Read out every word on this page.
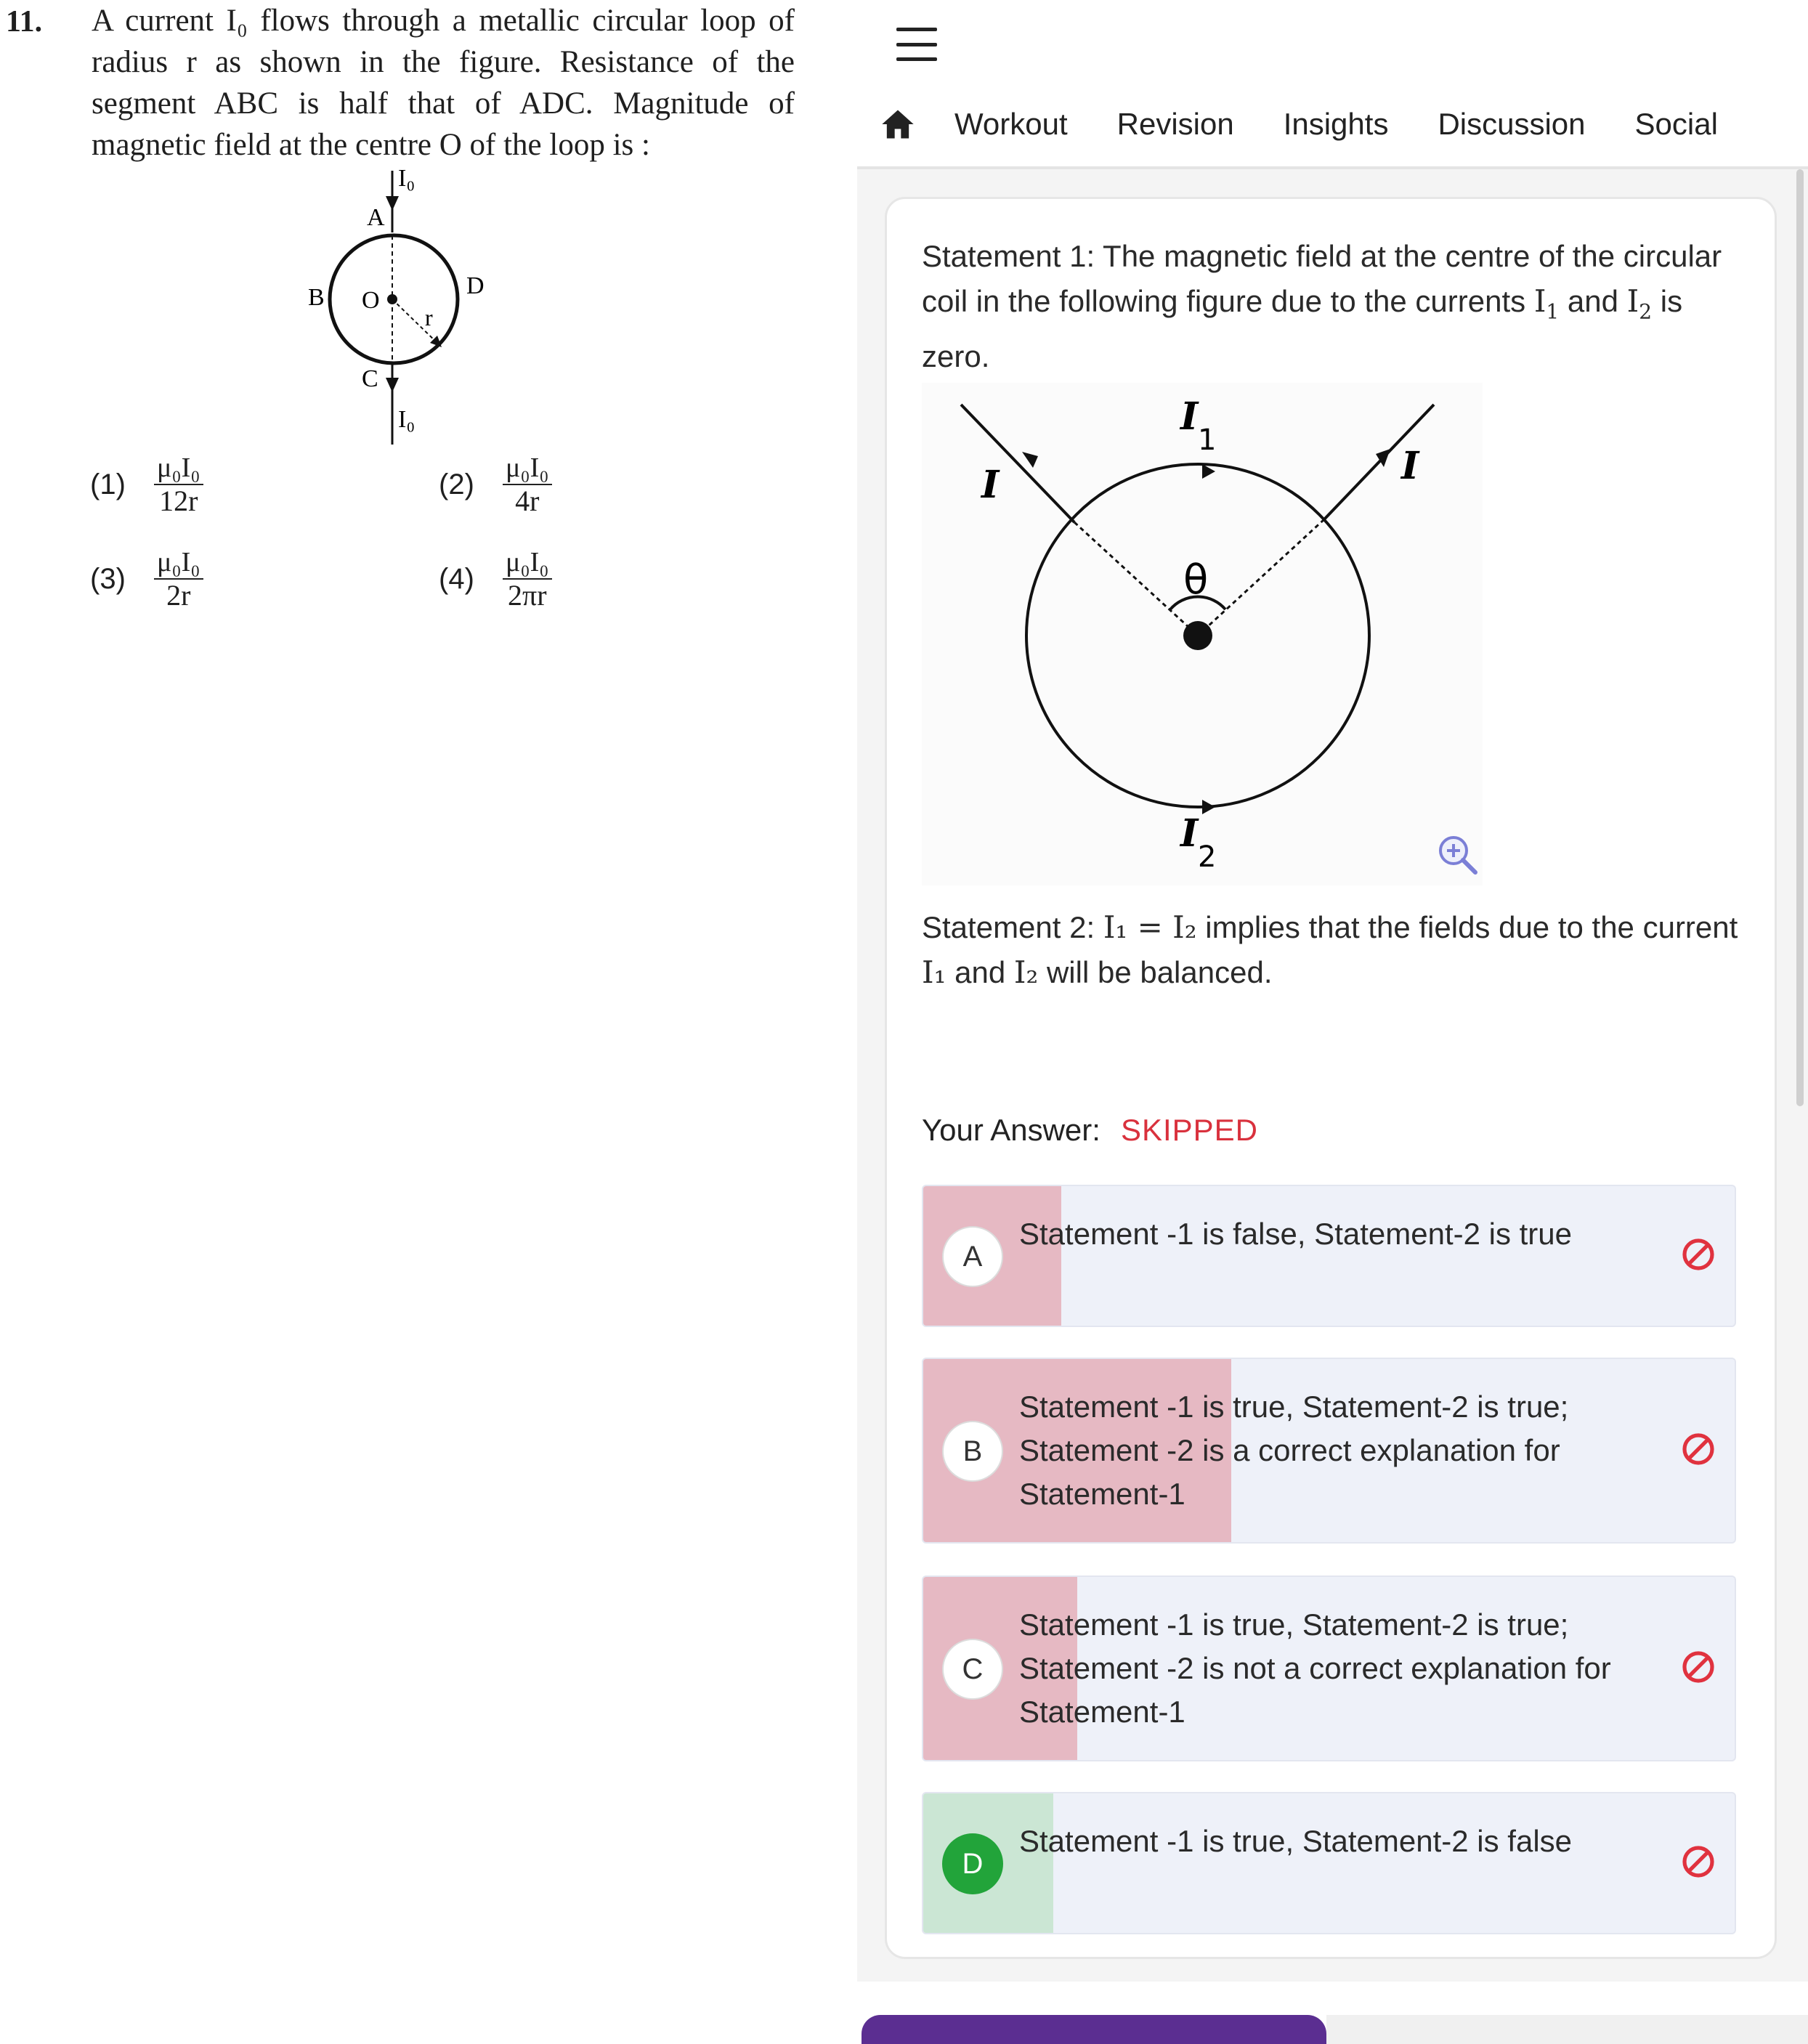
11. A current I₀ flows through a metallic circular loop of radius r as shown in the figure. Resistance of the segment ABC is half that of ADC. Magnitude of magnetic field at the centre O of the loop is :
I₀
A
B	D
C
O
r
I₀
(1)	$\frac{\text{μ₀I₀}}{12r}$	(2)	$\frac{\text{μ₀I₀}}{4r}$
(3)	$\frac{\text{μ₀I₀}}{2r}$	(4)	$\frac{\text{μ₀I₀}}{2\pi r}$
Workout Revision Insights Discussion Social
Statement 1: The magnetic field at the centre of the circular coil in the following figure due to the currents $I_1$ and $I_2$ is zero.
θ
I
1
I
2
I	I
Statement 2: I₁ = I₂ implies that the fields due to the current I₁ and I₂ will be balanced.
Your Answer: SKIPPED
A
Statement -1 is false, Statement-2 is true
B
Statement -1 is true, Statement-2 is true; Statement -2 is a correct explanation for Statement-1
C
Statement -1 is true, Statement-2 is true; Statement -2 is not a correct explanation for Statement-1
D
Statement -1 is true, Statement-2 is false
